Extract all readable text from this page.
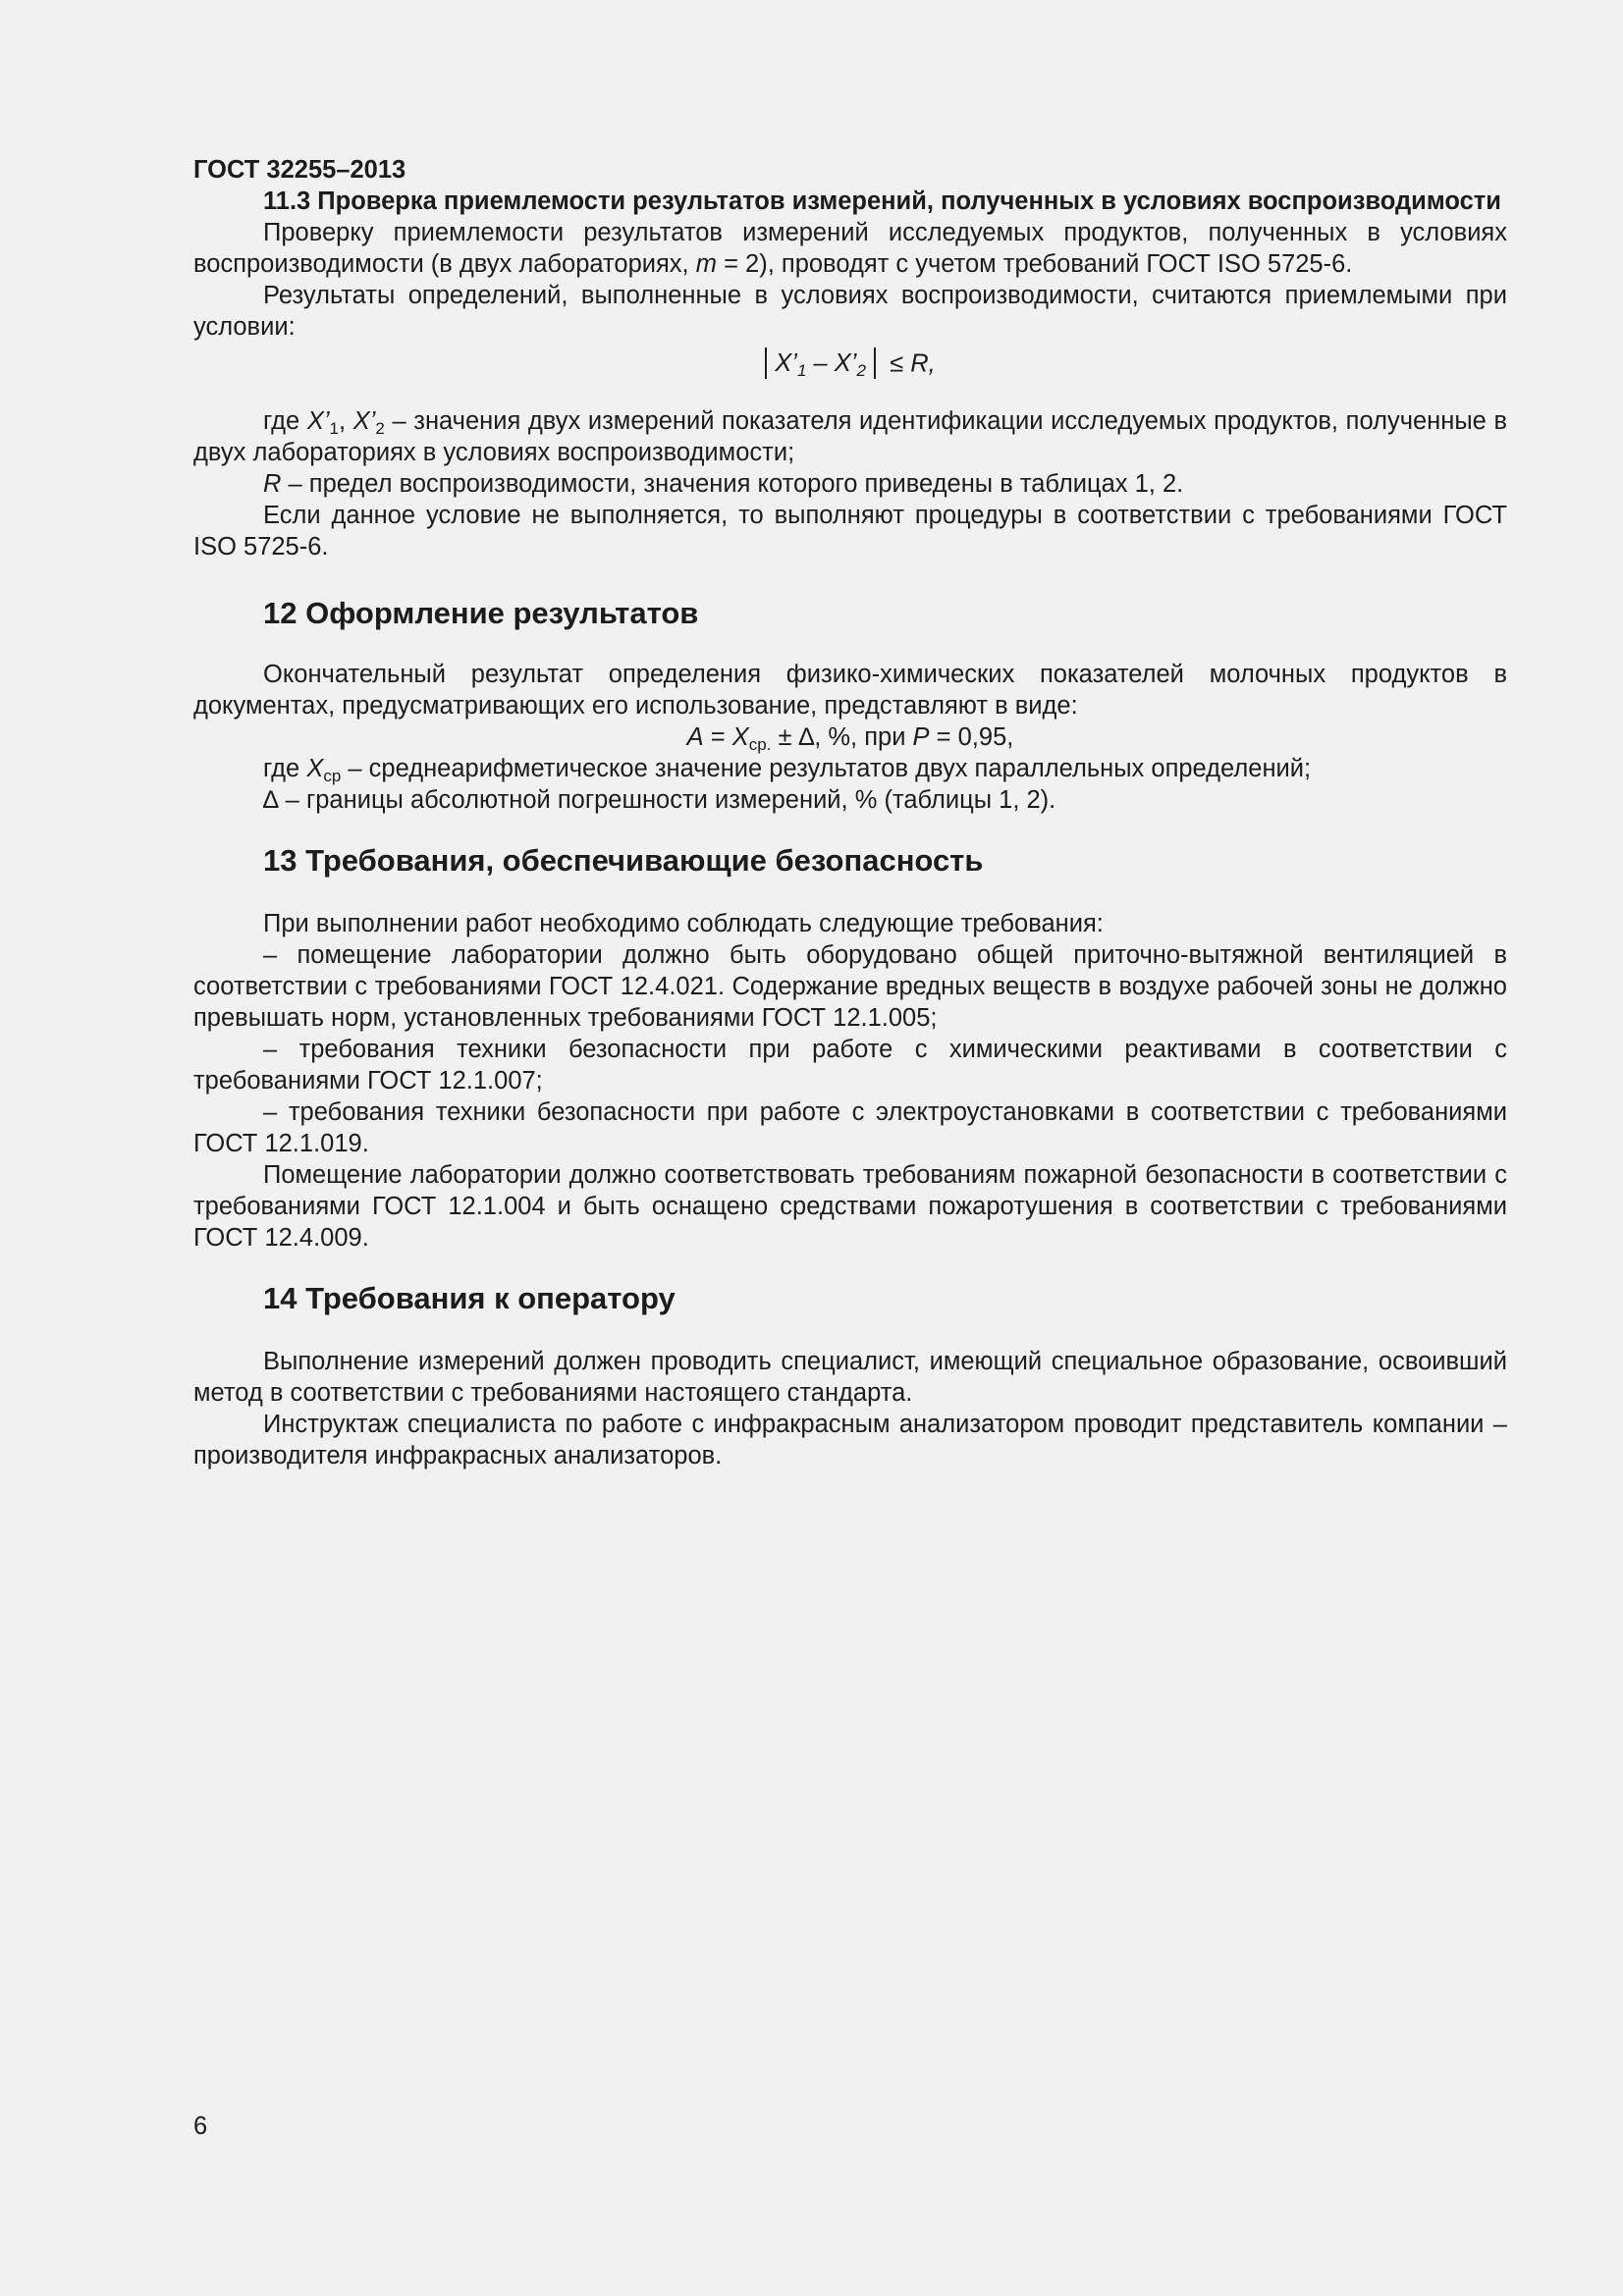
ГОСТ 32255–2013

11.3 Проверка приемлемости результатов измерений, полученных в условиях воспроизводимости

Проверку приемлемости результатов измерений исследуемых продуктов, полученных в условиях воспроизводимости (в двух лабораториях, m = 2), проводят с учетом требований ГОСТ ISO 5725-6.

Результаты определений, выполненные в условиях воспроизводимости, считаются приемлемыми при условии:

$X’_1$ – $X’_2 \le R$,

где $X’_1$, $X’_2$ – значения двух измерений показателя идентификации исследуемых продуктов, полученные в двух лабораториях в условиях воспроизводимости;

R – предел воспроизводимости, значения которого приведены в таблицах 1, 2.

Если данное условие не выполняется, то выполняют процедуры в соответствии с требованиями ГОСТ ISO 5725-6.

12 Оформление результатов

Окончательный результат определения физико-химических показателей молочных продуктов в документах, предусматривающих его использование, представляют в виде:

$A = X_{ср.}$ ± ∆, %, при P = 0,95,

где $X_{ср}$ – среднеарифметическое значение результатов двух параллельных определений;

∆ – границы абсолютной погрешности измерений, % (таблицы 1, 2).

13 Требования, обеспечивающие безопасность

При выполнении работ необходимо соблюдать следующие требования:

– помещение лаборатории должно быть оборудовано общей приточно-вытяжной вентиляцией в соответствии с требованиями ГОСТ 12.4.021. Содержание вредных веществ в воздухе рабочей зоны не должно превышать норм, установленных требованиями ГОСТ 12.1.005;

– требования техники безопасности при работе с химическими реактивами в соответствии с требованиями ГОСТ 12.1.007;

– требования техники безопасности при работе с электроустановками в соответствии с требованиями ГОСТ 12.1.019.

Помещение лаборатории должно соответствовать требованиям пожарной безопасности в соответствии с требованиями ГОСТ 12.1.004 и быть оснащено средствами пожаротушения в соответствии с требованиями ГОСТ 12.4.009.

14 Требования к оператору

Выполнение измерений должен проводить специалист, имеющий специальное образование, освоивший метод в соответствии с требованиями настоящего стандарта.

Инструктаж специалиста по работе с инфракрасным анализатором проводит представитель компании – производителя инфракрасных анализаторов.

6
